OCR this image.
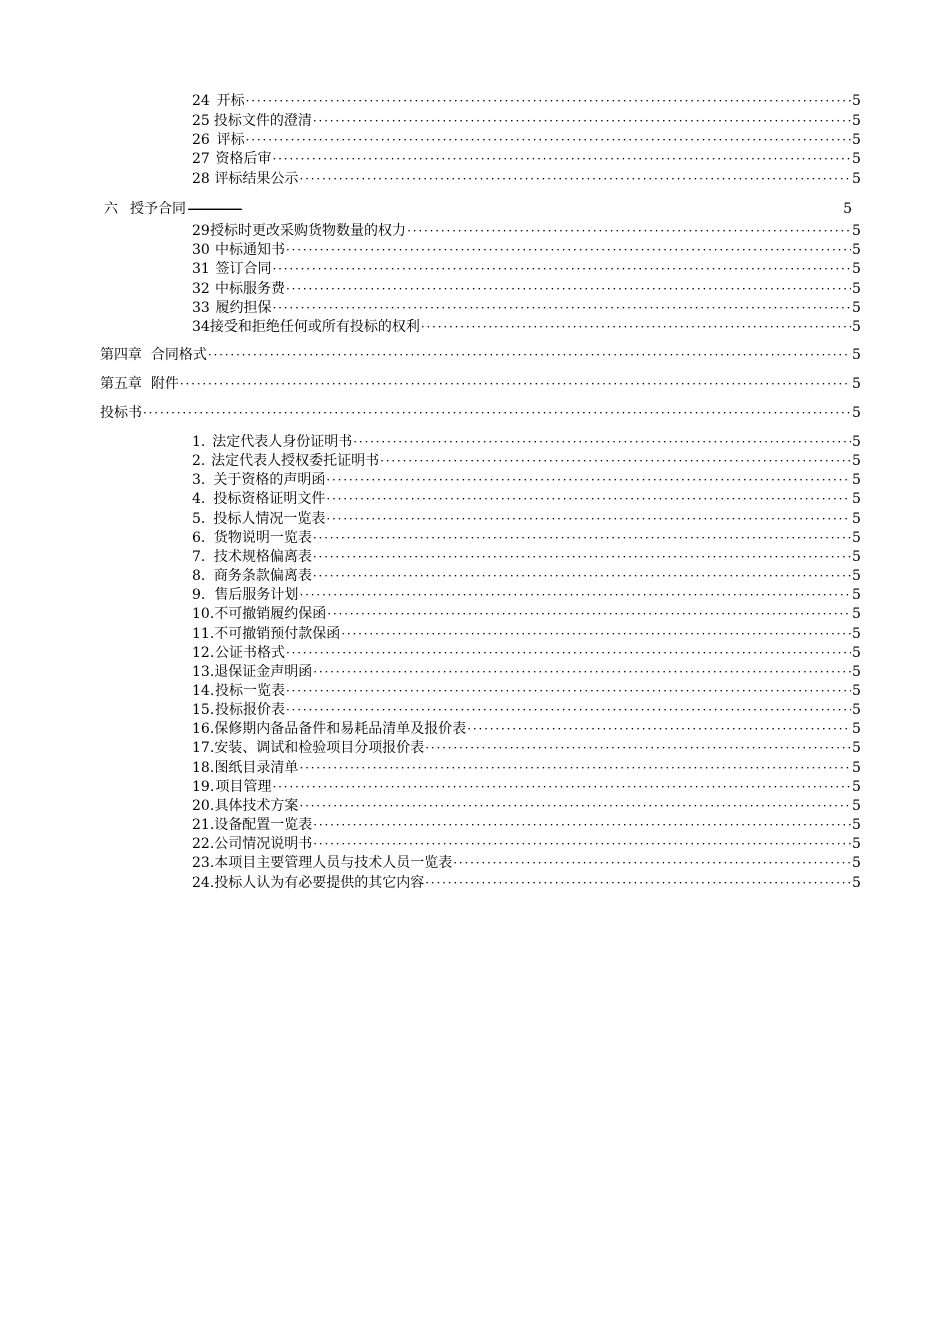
24 开标 · · ·	5
25 投标文件的澄清 · · ·	5
26 评标 · · ·	5
27 资格后审 · · ·	5
28 评标结果公示 · · ·	5
六 授予合同 · · ·	5
29 授标时更改采购货物数量的权力 · · ·	5
30 中标通知书 · · ·	5
31 签订合同 · · ·	5
32 中标服务费 · · ·	5
33 履约担保 · · ·	5
34 接受和拒绝任何或所有投标的权利 · · ·	5
第四章  合同格式 · · ·	5
第五章  附件 · · ·	5
投标书 · · ·	5
1. 法定代表人身份证明书 · · ·	5
2. 法定代表人授权委托证明书 · · ·	5
3. 关于资格的声明函 · · ·	5
4. 投标资格证明文件 · · ·	5
5. 投标人情况一览表 · · ·	5
6. 货物说明一览表 · · ·	5
7. 技术规格偏离表 · · ·	5
8. 商务条款偏离表 · · ·	5
9. 售后服务计划 · · ·	5
10. 不可撤销履约保函 · · ·	5
11. 不可撤销预付款保函 · · ·	5
12. 公证书格式 · · ·	5
13. 退保证金声明函 · · ·	5
14. 投标一览表 · · ·	5
15. 投标报价表 · · ·	5
16. 保修期内备品备件和易耗品清单及报价表 · · ·	5
17. 安装、调试和检验项目分项报价表 · · ·	5
18. 图纸目录清单 · · ·	5
19. 项目管理 · · ·	5
20. 具体技术方案 · · ·	5
21. 设备配置一览表 · · ·	5
22. 公司情况说明书 · · ·	5
23. 本项目主要管理人员与技术人员一览表 · · ·	5
24. 投标人认为有必要提供的其它内容 · · ·	5
